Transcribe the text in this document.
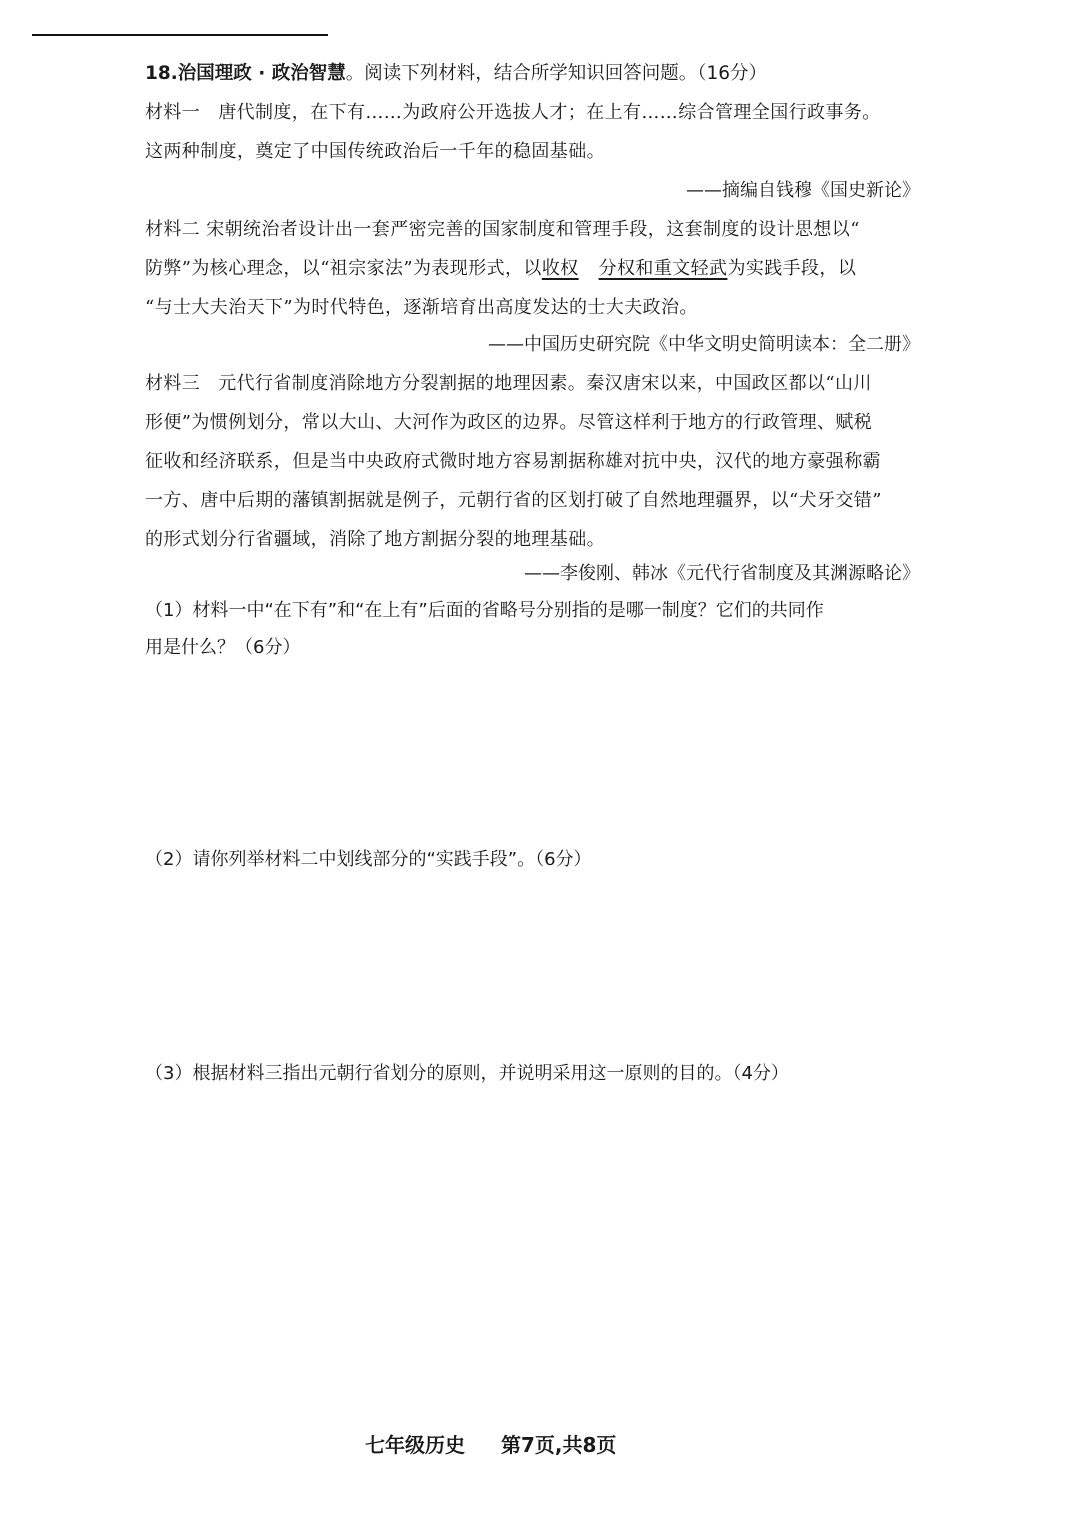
18.治国理政 · 政治智慧。阅读下列材料，结合所学知识回答问题。（16分）
材料一 唐代制度，在下有……为政府公开选拔人才；在上有……综合管理全国行政事务。
这两种制度，奠定了中国传统政治后一千年的稳固基础。
——摘编自钱穆《国史新论》
材料二 宋朝统治者设计出一套严密完善的国家制度和管理手段，这套制度的设计思想以“
防弊”为核心理念，以“祖宗家法”为表现形式，以收权 分权和重文轻武为实践手段，以
“与士大夫治天下”为时代特色，逐渐培育出高度发达的士大夫政治。
——中国历史研究院《中华文明史简明读本：全二册》
材料三 元代行省制度消除地方分裂割据的地理因素。秦汉唐宋以来，中国政区都以“山川
形便”为惯例划分，常以大山、大河作为政区的边界。尽管这样利于地方的行政管理、赋税
征收和经济联系，但是当中央政府式微时地方容易割据称雄对抗中央，汉代的地方豪强称霸
一方、唐中后期的藩镇割据就是例子，元朝行省的区划打破了自然地理疆界，以“犬牙交错”
的形式划分行省疆域，消除了地方割据分裂的地理基础。
——李俊刚、韩冰《元代行省制度及其渊源略论》
（1）材料一中“在下有”和“在上有”后面的省略号分别指的是哪一制度？它们的共同作
用是什么？（6分）
（2）请你列举材料二中划线部分的“实践手段”。（6分）
（3）根据材料三指出元朝行省划分的原则，并说明采用这一原则的目的。（4分）
七年级历史 第7页,共8页
